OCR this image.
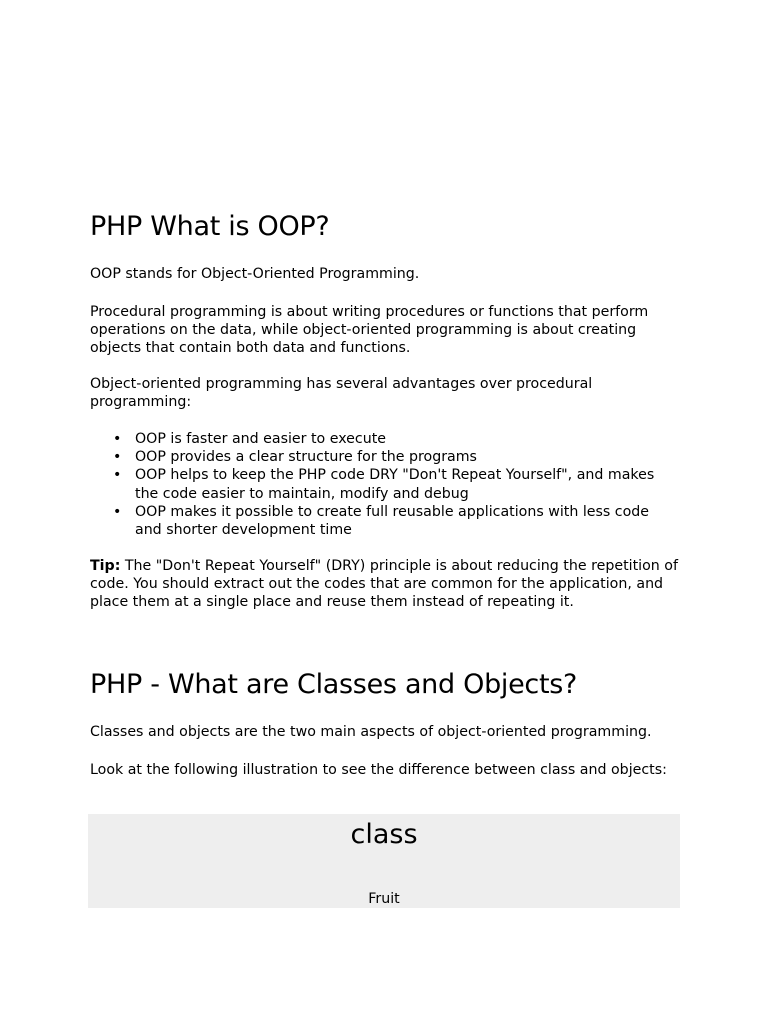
PHP What is OOP?

OOP stands for Object-Oriented Programming.

Procedural programming is about writing procedures or functions that perform operations on the data, while object-oriented programming is about creating objects that contain both data and functions.

Object-oriented programming has several advantages over procedural programming:

• OOP is faster and easier to execute
• OOP provides a clear structure for the programs
• OOP helps to keep the PHP code DRY "Don't Repeat Yourself", and makes the code easier to maintain, modify and debug
• OOP makes it possible to create full reusable applications with less code and shorter development time

Tip: The "Don't Repeat Yourself" (DRY) principle is about reducing the repetition of code. You should extract out the codes that are common for the application, and place them at a single place and reuse them instead of repeating it.

PHP - What are Classes and Objects?

Classes and objects are the two main aspects of object-oriented programming.

Look at the following illustration to see the difference between class and objects:

class
Fruit
